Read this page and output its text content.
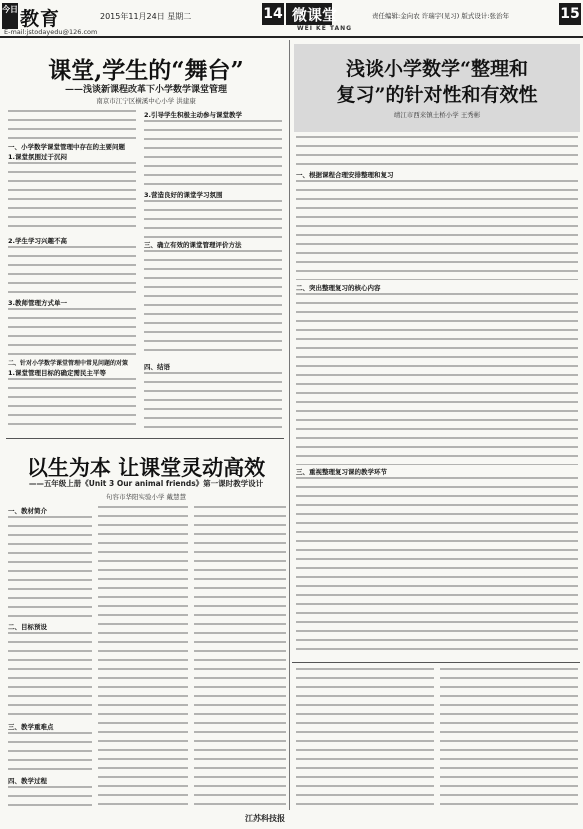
今日 教育	2015年11月24日 星期二
E-mail:jstodayedu@126.com
14 微课堂
WEI KE TANG
责任编辑:金向农 许瑞宇(见习) 版式设计:张治年	15
课堂,学生的“舞台”
——浅谈新课程改革下小学数学课堂管理
南京市江宁区横溪中心小学 洪建康
一、小学数学课堂管理中存在的主要问题
1.课堂氛围过于沉闷
2.学生学习兴趣不高
3.教师管理方式单一
二、针对小学数学课堂管理中常见问题的对策
1.课堂管理目标的确定需民主平等
2.引导学生积极主动参与课堂教学
3.营造良好的课堂学习氛围
三、确立有效的课堂管理评价方法
四、结语
浅谈小学数学“整理和
复习”的针对性和有效性
靖江市西来镇土桥小学 王秀彬
一、根据课程合理安排整理和复习
二、突出整理复习的核心内容
三、重视整理复习课的教学环节
以生为本 让课堂灵动高效
——五年级上册《Unit 3 Our animal friends》第一课时教学设计
句容市华阳实验小学 戴慧慧
一、教材简介
二、目标预设
三、教学重难点
四、教学过程
江苏科技报
